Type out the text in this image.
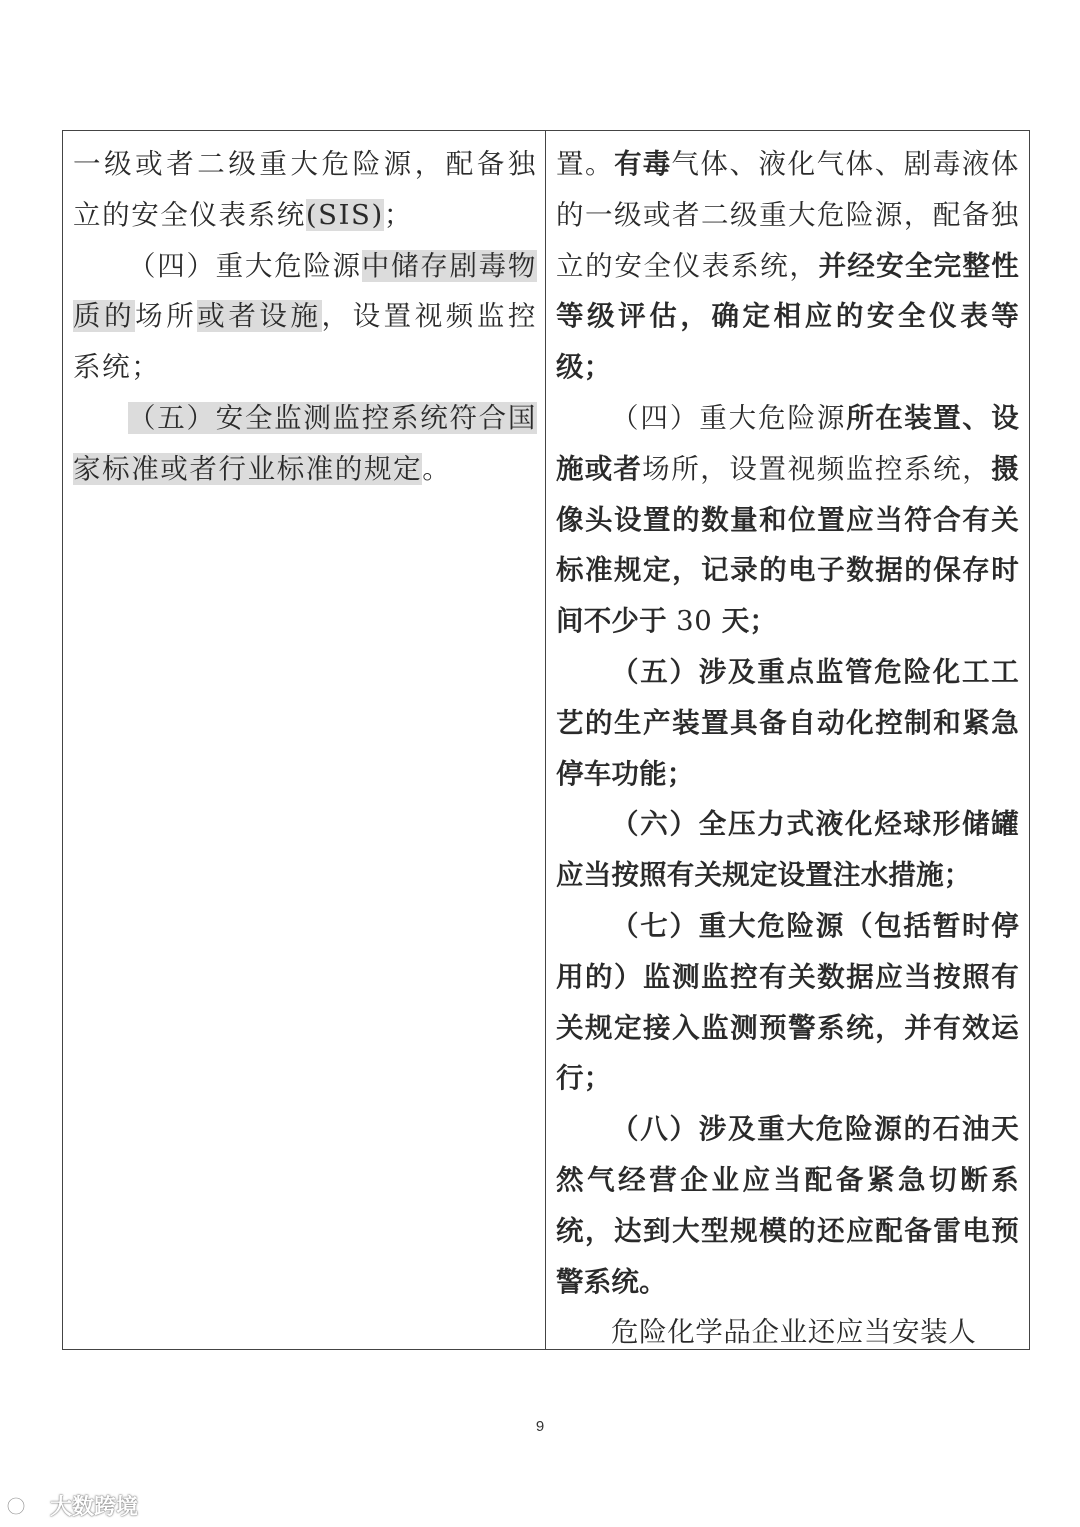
一级或者二级重大危险源，配备独立的安全仪表系统(SIS)；

（四）重大危险源中储存剧毒物质的场所或者设施，设置视频监控系统；

（五）安全监测监控系统符合国家标准或者行业标准的规定。

置。有毒气体、液化气体、剧毒液体的一级或者二级重大危险源，配备独立的安全仪表系统，并经安全完整性等级评估，确定相应的安全仪表等级；

（四）重大危险源所在装置、设施或者场所，设置视频监控系统，摄像头设置的数量和位置应当符合有关标准规定，记录的电子数据的保存时间不少于 30 天；

（五）涉及重点监管危险化工工艺的生产装置具备自动化控制和紧急停车功能；

（六）全压力式液化烃球形储罐应当按照有关规定设置注水措施；

（七）重大危险源（包括暂时停用的）监测监控有关数据应当按照有关规定接入监测预警系统，并有效运行；

（八）涉及重大危险源的石油天然气经营企业应当配备紧急切断系统，达到大型规模的还应配备雷电预警系统。

危险化学品企业还应当安装人

9
大数跨境
